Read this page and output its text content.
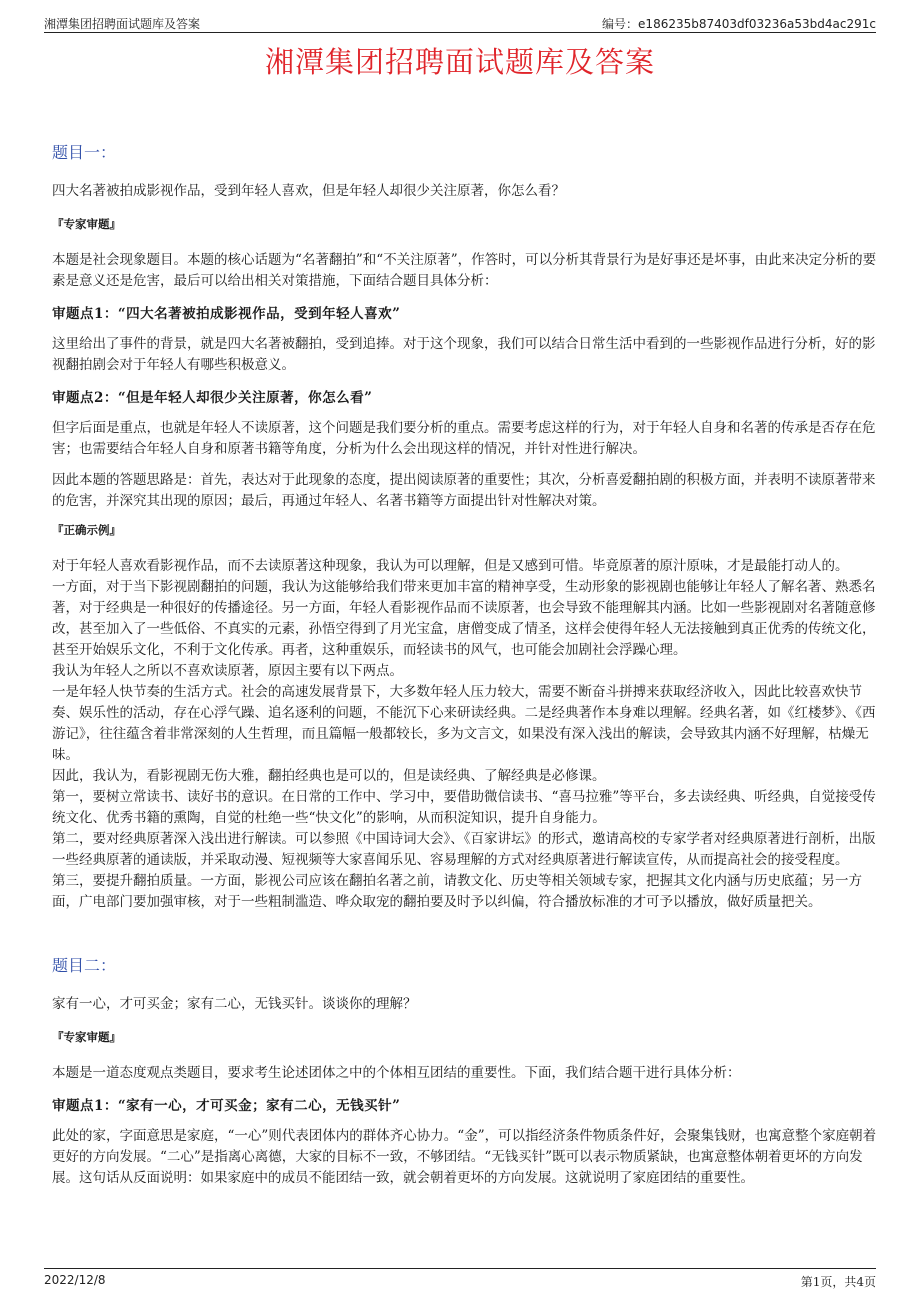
湘潭集团招聘面试题库及答案	编号：e186235b87403df03236a53bd4ac291c
湘潭集团招聘面试题库及答案
题目一：

四大名著被拍成影视作品，受到年轻人喜欢，但是年轻人却很少关注原著，你怎么看？

『专家审题』

本题是社会现象题目。本题的核心话题为“名著翻拍”和“不关注原著”，作答时，可以分析其背景行为是好事还是坏事，由此来决定分析的要素是意义还是危害，最后可以给出相关对策措施，下面结合题目具体分析：

审题点1：“四大名著被拍成影视作品，受到年轻人喜欢”

这里给出了事件的背景，就是四大名著被翻拍，受到追捧。对于这个现象，我们可以结合日常生活中看到的一些影视作品进行分析，好的影视翻拍剧会对于年轻人有哪些积极意义。

审题点2：“但是年轻人却很少关注原著，你怎么看”

但字后面是重点，也就是年轻人不读原著，这个问题是我们要分析的重点。需要考虑这样的行为，对于年轻人自身和名著的传承是否存在危害；也需要结合年轻人自身和原著书籍等角度，分析为什么会出现这样的情况，并针对性进行解决。

因此本题的答题思路是：首先，表达对于此现象的态度，提出阅读原著的重要性；其次，分析喜爱翻拍剧的积极方面，并表明不读原著带来的危害，并深究其出现的原因；最后，再通过年轻人、名著书籍等方面提出针对性解决对策。

『正确示例』

对于年轻人喜欢看影视作品，而不去读原著这种现象，我认为可以理解，但是又感到可惜。毕竟原著的原汁原味，才是最能打动人的。

一方面，对于当下影视剧翻拍的问题，我认为这能够给我们带来更加丰富的精神享受，生动形象的影视剧也能够让年轻人了解名著、熟悉名著，对于经典是一种很好的传播途径。另一方面，年轻人看影视作品而不读原著，也会导致不能理解其内涵。比如一些影视剧对名著随意修改，甚至加入了一些低俗、不真实的元素，孙悟空得到了月光宝盒，唐僧变成了情圣，这样会使得年轻人无法接触到真正优秀的传统文化，甚至开始娱乐文化，不利于文化传承。再者，这种重娱乐，而轻读书的风气，也可能会加剧社会浮躁心理。

我认为年轻人之所以不喜欢读原著，原因主要有以下两点。

一是年轻人快节奏的生活方式。社会的高速发展背景下，大多数年轻人压力较大，需要不断奋斗拼搏来获取经济收入，因此比较喜欢快节奏、娱乐性的活动，存在心浮气躁、追名逐利的问题，不能沉下心来研读经典。二是经典著作本身难以理解。经典名著，如《红楼梦》、《西游记》，往往蕴含着非常深刻的人生哲理，而且篇幅一般都较长，多为文言文，如果没有深入浅出的解读，会导致其内涵不好理解，枯燥无味。

因此，我认为，看影视剧无伤大雅，翻拍经典也是可以的，但是读经典、了解经典是必修课。

第一，要树立常读书、读好书的意识。在日常的工作中、学习中，要借助微信读书、“喜马拉雅”等平台，多去读经典、听经典，自觉接受传统文化、优秀书籍的熏陶，自觉的杜绝一些“快文化”的影响，从而积淀知识，提升自身能力。

第二，要对经典原著深入浅出进行解读。可以参照《中国诗词大会》、《百家讲坛》的形式，邀请高校的专家学者对经典原著进行剖析，出版一些经典原著的通读版，并采取动漫、短视频等大家喜闻乐见、容易理解的方式对经典原著进行解读宣传，从而提高社会的接受程度。

第三，要提升翻拍质量。一方面，影视公司应该在翻拍名著之前，请教文化、历史等相关领域专家，把握其文化内涵与历史底蕴；另一方面，广电部门要加强审核，对于一些粗制滥造、哗众取宠的翻拍要及时予以纠偏，符合播放标准的才可予以播放，做好质量把关。

题目二：

家有一心，才可买金；家有二心，无钱买针。谈谈你的理解？

『专家审题』

本题是一道态度观点类题目，要求考生论述团体之中的个体相互团结的重要性。下面，我们结合题干进行具体分析：

审题点1：“家有一心，才可买金；家有二心，无钱买针”

此处的家，字面意思是家庭，“一心”则代表团体内的群体齐心协力。“金”，可以指经济条件物质条件好，会聚集钱财，也寓意整个家庭朝着更好的方向发展。“二心”是指离心离德，大家的目标不一致，不够团结。“无钱买针”既可以表示物质紧缺，也寓意整体朝着更坏的方向发展。这句话从反面说明：如果家庭中的成员不能团结一致，就会朝着更坏的方向发展。这就说明了家庭团结的重要性。

2022/12/8	第1页，共4页
